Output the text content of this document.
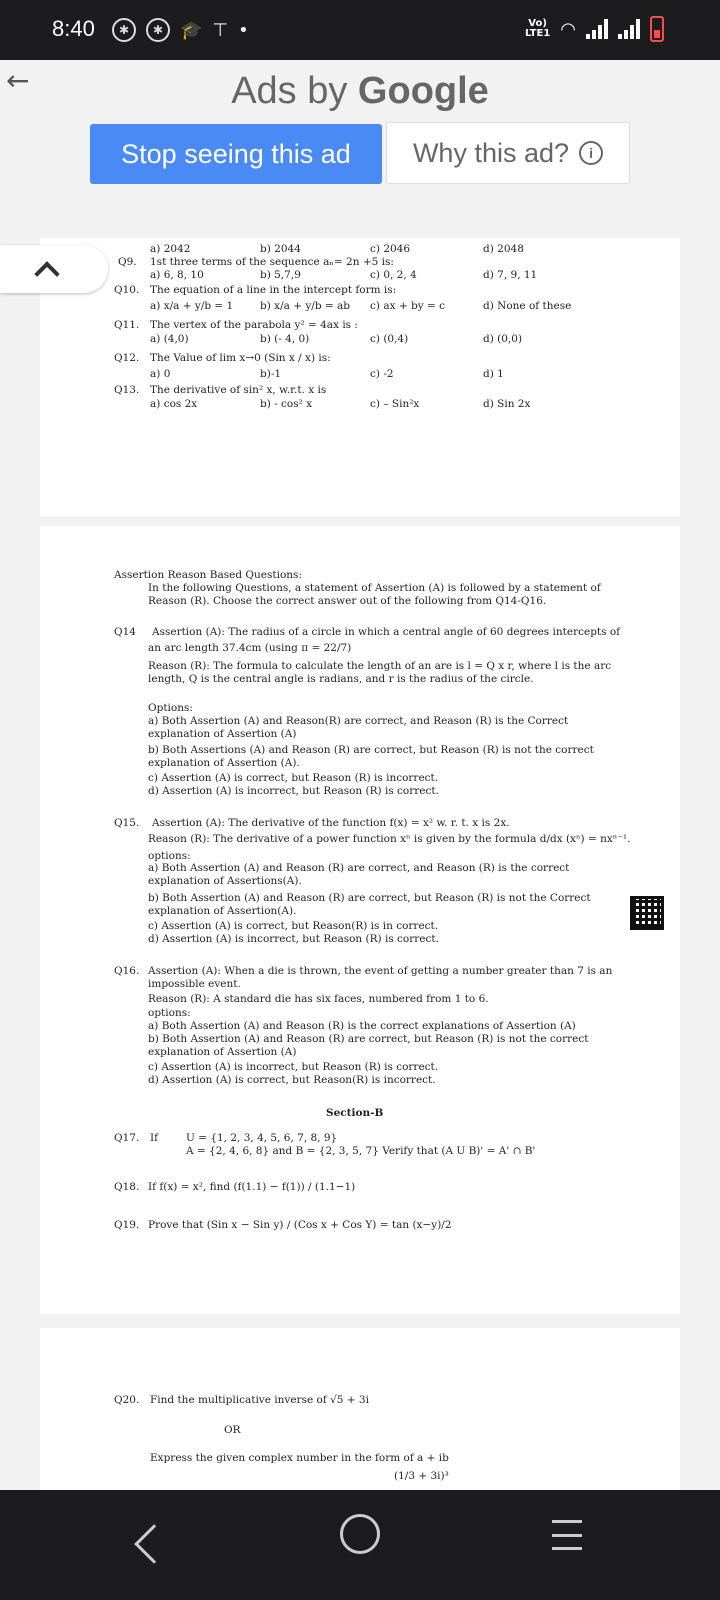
8:40	✱	✱ 🎓 ⊤ •	Vo)
LTE1 ◠
←	Ads by Google
Stop seeing this ad	Why this ad?	i
a) 2042	b) 2044	c) 2046	d) 2048
Q9. 1st three terms of the sequence aₙ= 2n +5 is:
a) 6, 8, 10	b) 5,7,9	c) 0, 2, 4	d) 7, 9, 11
Q10. The equation of a line in the intercept form is:
a) x/a + y/b = 1	b) x/a + y/b = ab c) ax + by = c	d) None of these
Q11. The vertex of the parabola y² = 4ax is :
a) (4,0)	b) (- 4, 0)	c) (0,4)	d) (0,0)
Q12. The Value of lim x→0 (Sin x / x) is:
a) 0	b)-1	c) -2	d) 1
Q13. The derivative of sin² x, w.r.t. x is
a) cos 2x	b) - cos² x	c) – Sin²x	d) Sin 2x
Assertion Reason Based Questions:
In the following Questions, a statement of Assertion (A) is followed by a statement of
Reason (R). Choose the correct answer out of the following from Q14-Q16.
Q14 Assertion (A): The radius of a circle in which a central angle of 60 degrees intercepts of
an arc length 37.4cm (using π = 22/7)
Reason (R): The formula to calculate the length of an are is l = Q x r, where l is the arc
length, Q is the central angle is radians, and r is the radius of the circle.
Options:
a) Both Assertion (A) and Reason(R) are correct, and Reason (R) is the Correct
explanation of Assertion (A)
b) Both Assertions (A) and Reason (R) are correct, but Reason (R) is not the correct
explanation of Assertion (A).
c) Assertion (A) is correct, but Reason (R) is incorrect.
d) Assertion (A) is incorrect, but Reason (R) is correct.
Q15. Assertion (A): The derivative of the function f(x) = x² w. r. t. x is 2x.
Reason (R): The derivative of a power function xⁿ is given by the formula d/dx (xⁿ) = nxⁿ⁻¹.
options:
a) Both Assertion (A) and Reason (R) are correct, and Reason (R) is the correct
explanation of Assertions(A).
b) Both Assertion (A) and Reason (R) are correct, but Reason (R) is not the Correct
explanation of Assertion(A).
c) Assertion (A) is correct, but Reason(R) is in correct.
d) Assertion (A) is incorrect, but Reason (R) is correct.
Q16. Assertion (A): When a die is thrown, the event of getting a number greater than 7 is an
impossible event.
Reason (R): A standard die has six faces, numbered from 1 to 6.
options:
a) Both Assertion (A) and Reason (R) is the correct explanations of Assertion (A)
b) Both Assertion (A) and Reason (R) are correct, but Reason (R) is not the correct
explanation of Assertion (A)
c) Assertion (A) is incorrect, but Reason (R) is correct.
d) Assertion (A) is correct, but Reason(R) is incorrect.
Section-B
Q17. If	U = {1, 2, 3, 4, 5, 6, 7, 8, 9}
A = {2, 4, 6, 8} and B = {2, 3, 5, 7} Verify that (A U B)' = A' ∩ B'
Q18. If f(x) = x², find (f(1.1) − f(1)) / (1.1−1)
Q19. Prove that (Sin x − Sin y) / (Cos x + Cos Y) = tan (x−y)/2
Q20. Find the multiplicative inverse of √5 + 3i
OR
Express the given complex number in the form of a + ib
(1/3 + 3i)³
